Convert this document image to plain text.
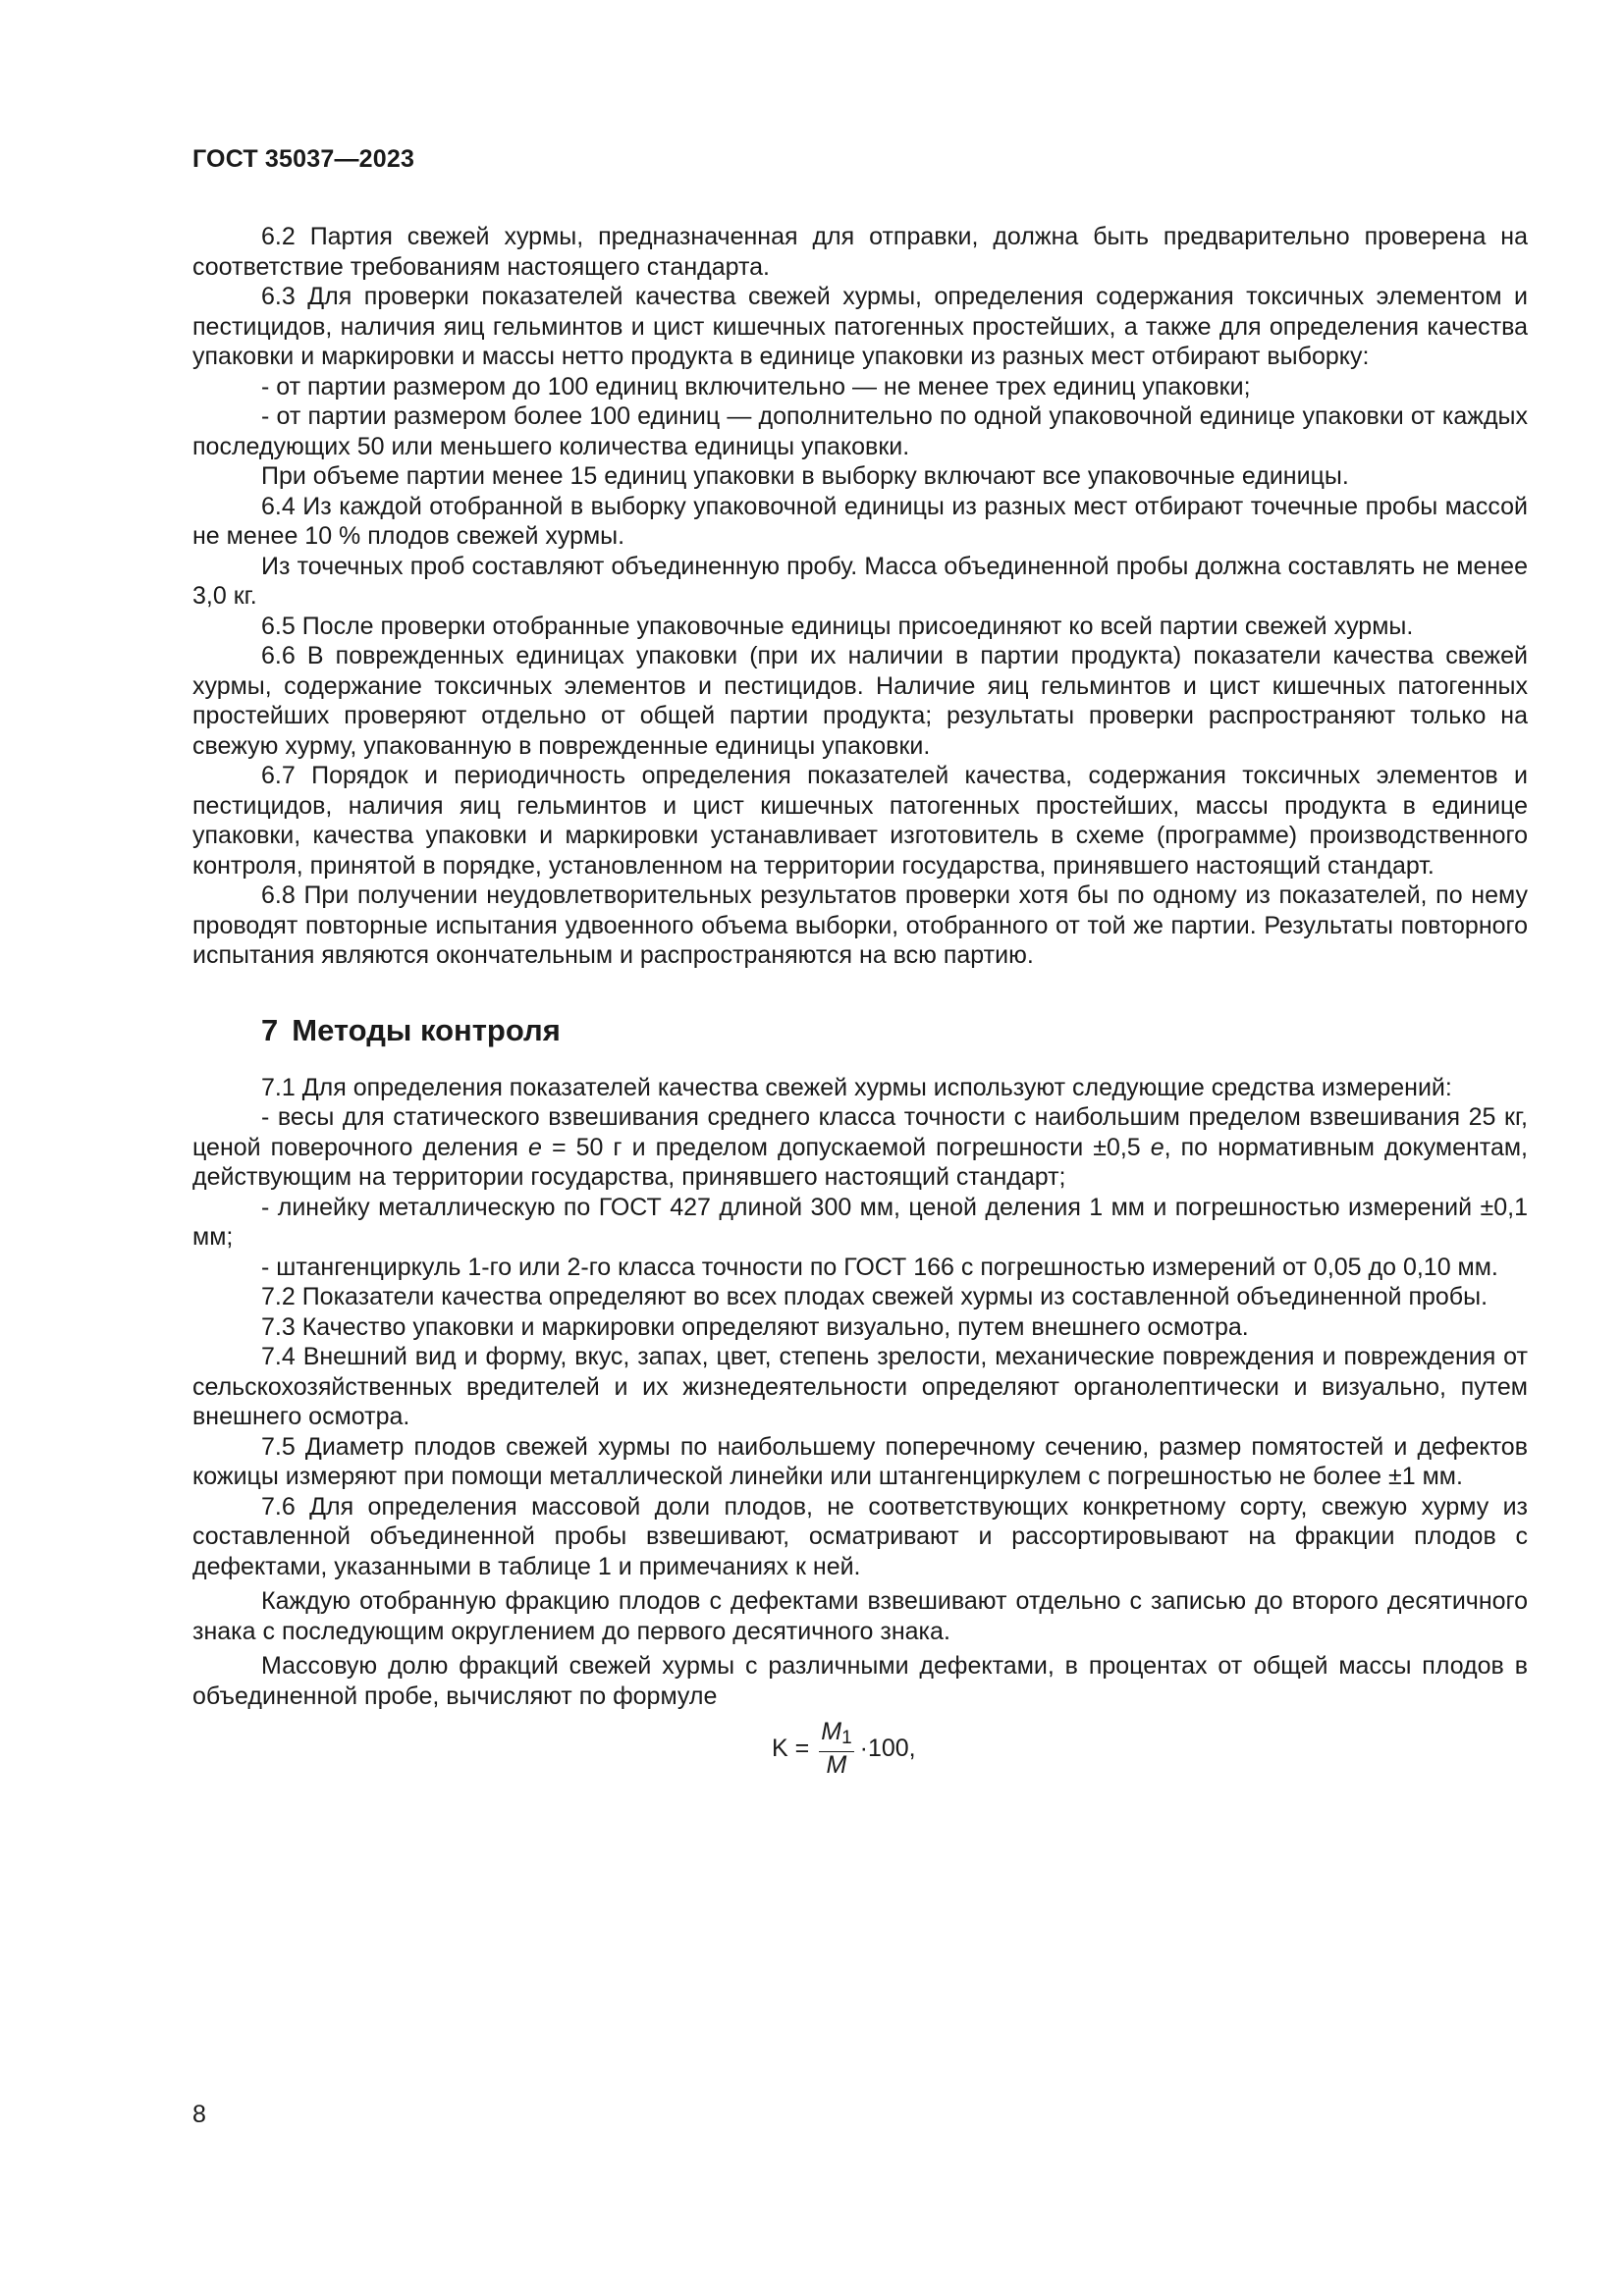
ГОСТ 35037—2023

6.2 Партия свежей хурмы, предназначенная для отправки, должна быть предварительно проверена на соответствие требованиям настоящего стандарта.

6.3 Для проверки показателей качества свежей хурмы, определения содержания токсичных элементом и пестицидов, наличия яиц гельминтов и цист кишечных патогенных простейших, а также для определения качества упаковки и маркировки и массы нетто продукта в единице упаковки из разных мест отбирают выборку:

- от партии размером до 100 единиц включительно — не менее трех единиц упаковки;

- от партии размером более 100 единиц — дополнительно по одной упаковочной единице упаковки от каждых последующих 50 или меньшего количества единицы упаковки.

При объеме партии менее 15 единиц упаковки в выборку включают все упаковочные единицы.

6.4 Из каждой отобранной в выборку упаковочной единицы из разных мест отбирают точечные пробы массой не менее 10 % плодов свежей хурмы.

Из точечных проб составляют объединенную пробу. Масса объединенной пробы должна составлять не менее 3,0 кг.

6.5 После проверки отобранные упаковочные единицы присоединяют ко всей партии свежей хурмы.

6.6 В поврежденных единицах упаковки (при их наличии в партии продукта) показатели качества свежей хурмы, содержание токсичных элементов и пестицидов. Наличие яиц гельминтов и цист кишечных патогенных простейших проверяют отдельно от общей партии продукта; результаты проверки распространяют только на свежую хурму, упакованную в поврежденные единицы упаковки.

6.7 Порядок и периодичность определения показателей качества, содержания токсичных элементов и пестицидов, наличия яиц гельминтов и цист кишечных патогенных простейших, массы продукта в единице упаковки, качества упаковки и маркировки устанавливает изготовитель в схеме (программе) производственного контроля, принятой в порядке, установленном на территории государства, принявшего настоящий стандарт.

6.8 При получении неудовлетворительных результатов проверки хотя бы по одному из показателей, по нему проводят повторные испытания удвоенного объема выборки, отобранного от той же партии. Результаты повторного испытания являются окончательным и распространяются на всю партию.

7 Методы контроля

7.1 Для определения показателей качества свежей хурмы используют следующие средства измерений:

- весы для статического взвешивания среднего класса точности с наибольшим пределом взвешивания 25 кг, ценой поверочного деления е = 50 г и пределом допускаемой погрешности ±0,5 е, по нормативным документам, действующим на территории государства, принявшего настоящий стандарт;

- линейку металлическую по ГОСТ 427 длиной 300 мм, ценой деления 1 мм и погрешностью измерений ±0,1 мм;

- штангенциркуль 1-го или 2-го класса точности по ГОСТ 166 с погрешностью измерений от 0,05 до 0,10 мм.

7.2 Показатели качества определяют во всех плодах свежей хурмы из составленной объединенной пробы.

7.3 Качество упаковки и маркировки определяют визуально, путем внешнего осмотра.

7.4 Внешний вид и форму, вкус, запах, цвет, степень зрелости, механические повреждения и повреждения от сельскохозяйственных вредителей и их жизнедеятельности определяют органолептически и визуально, путем внешнего осмотра.

7.5 Диаметр плодов свежей хурмы по наибольшему поперечному сечению, размер помятостей и дефектов кожицы измеряют при помощи металлической линейки или штангенциркулем с погрешностью не более ±1 мм.

7.6 Для определения массовой доли плодов, не соответствующих конкретному сорту, свежую хурму из составленной объединенной пробы взвешивают, осматривают и рассортировывают на фракции плодов с дефектами, указанными в таблице 1 и примечаниях к ней.

Каждую отобранную фракцию плодов с дефектами взвешивают отдельно с записью до второго десятичного знака с последующим округлением до первого десятичного знака.

Массовую долю фракций свежей хурмы с различными дефектами, в процентах от общей массы плодов в объединенной пробе, вычисляют по формуле

$K = \frac{M_1}{M} \cdot 100$,
8
